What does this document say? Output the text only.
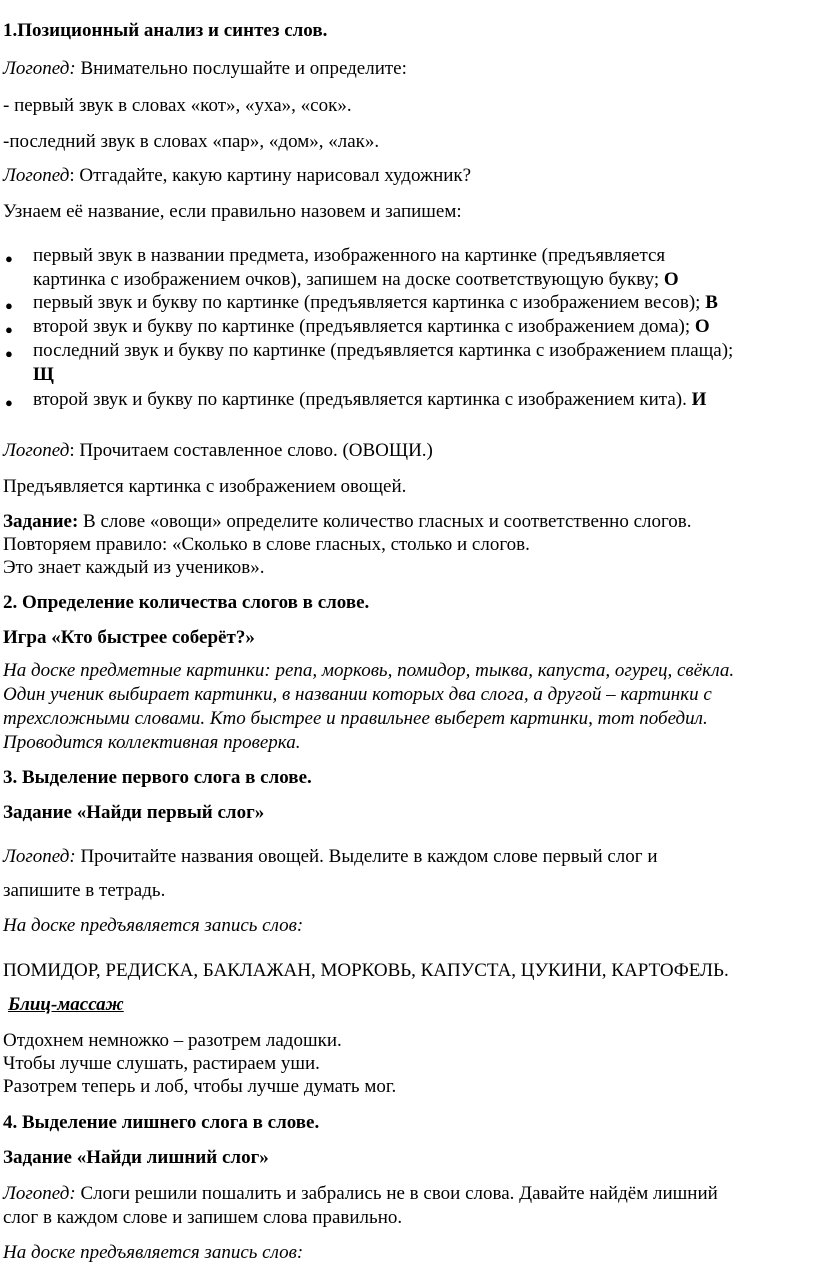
1.Позиционный анализ и синтез слов.
Логопед: Внимательно послушайте и определите:
- первый звук в словах «кот», «уха», «сок».
-последний звук в словах «пар», «дом», «лак».
Логопед: Отгадайте, какую картину нарисовал художник?
Узнаем её название, если правильно назовем и запишем:
● первый звук в названии предмета, изображенного на картинке (предъявляется
картинка с изображением очков), запишем на доске соответствующую букву; О
● первый звук и букву по картинке (предъявляется картинка с изображением весов); В
● второй звук и букву по картинке (предъявляется картинка с изображением дома); О
● последний звук и букву по картинке (предъявляется картинка с изображением плаща);
Щ
● второй звук и букву по картинке (предъявляется картинка с изображением кита). И
Логопед: Прочитаем составленное слово. (ОВОЩИ.)
Предъявляется картинка с изображением овощей.
Задание: В слове «овощи» определите количество гласных и соответственно слогов.
Повторяем правило: «Сколько в слове гласных, столько и слогов.
Это знает каждый из учеников».
2. Определение количества слогов в слове.
Игра «Кто быстрее соберёт?»
На доске предметные картинки: репа, морковь, помидор, тыква, капуста, огурец, свёкла.
Один ученик выбирает картинки, в названии которых два слога, а другой – картинки с
трехсложными словами. Кто быстрее и правильнее выберет картинки, тот победил.
Проводится коллективная проверка.
3. Выделение первого слога в слове.
Задание «Найди первый слог»
Логопед: Прочитайте названия овощей. Выделите в каждом слове первый слог и
запишите в тетрадь.
На доске предъявляется запись слов:
ПОМИДОР, РЕДИСКА, БАКЛАЖАН, МОРКОВЬ, КАПУСТА, ЦУКИНИ, КАРТОФЕЛЬ.
Блиц-массаж
Отдохнем немножко – разотрем ладошки.
Чтобы лучше слушать, растираем уши.
Разотрем теперь и лоб, чтобы лучше думать мог.
4. Выделение лишнего слога в слове.
Задание «Найди лишний слог»
Логопед: Слоги решили пошалить и забрались не в свои слова. Давайте найдём лишний
слог в каждом слове и запишем слова правильно.
На доске предъявляется запись слов:
